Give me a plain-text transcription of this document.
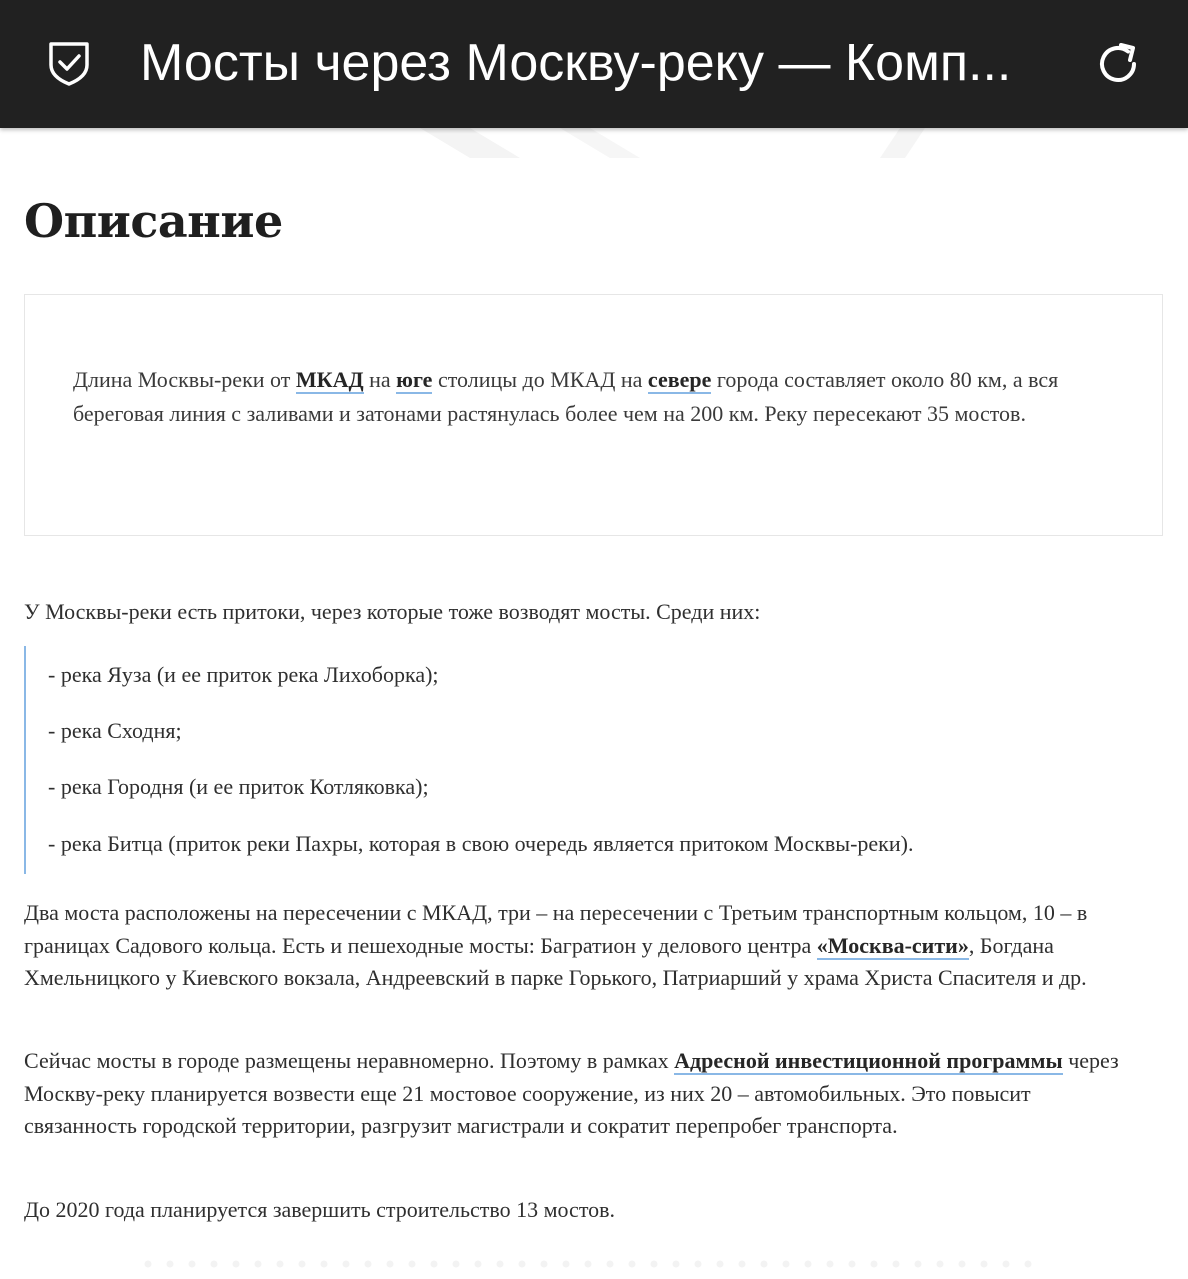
Мосты через Москву-реку — Комп...
Описание

Длина Москвы-реки от МКАД на юге столицы до МКАД на севере города составляет около 80 км, а вся береговая линия с заливами и затонами растянулась более чем на 200 км. Реку пересекают 35 мостов.

У Москвы-реки есть притоки, через которые тоже возводят мосты. Среди них:

- река Яуза (и ее приток река Лихоборка);

- река Сходня;

- река Городня (и ее приток Котляковка);

- река Битца (приток реки Пахры, которая в свою очередь является притоком Москвы-реки).

Два моста расположены на пересечении с МКАД, три – на пересечении с Третьим транспортным кольцом, 10 – в границах Садового кольца. Есть и пешеходные мосты: Багратион у делового центра «Москва-сити», Богдана Хмельницкого у Киевского вокзала, Андреевский в парке Горького, Патриарший у храма Христа Спасителя и др.

Сейчас мосты в городе размещены неравномерно. Поэтому в рамках Адресной инвестиционной программы через Москву-реку планируется возвести еще 21 мостовое сооружение, из них 20 – автомобильных. Это повысит связанность городской территории, разгрузит магистрали и сократит перепробег транспорта.

До 2020 года планируется завершить строительство 13 мостов.
